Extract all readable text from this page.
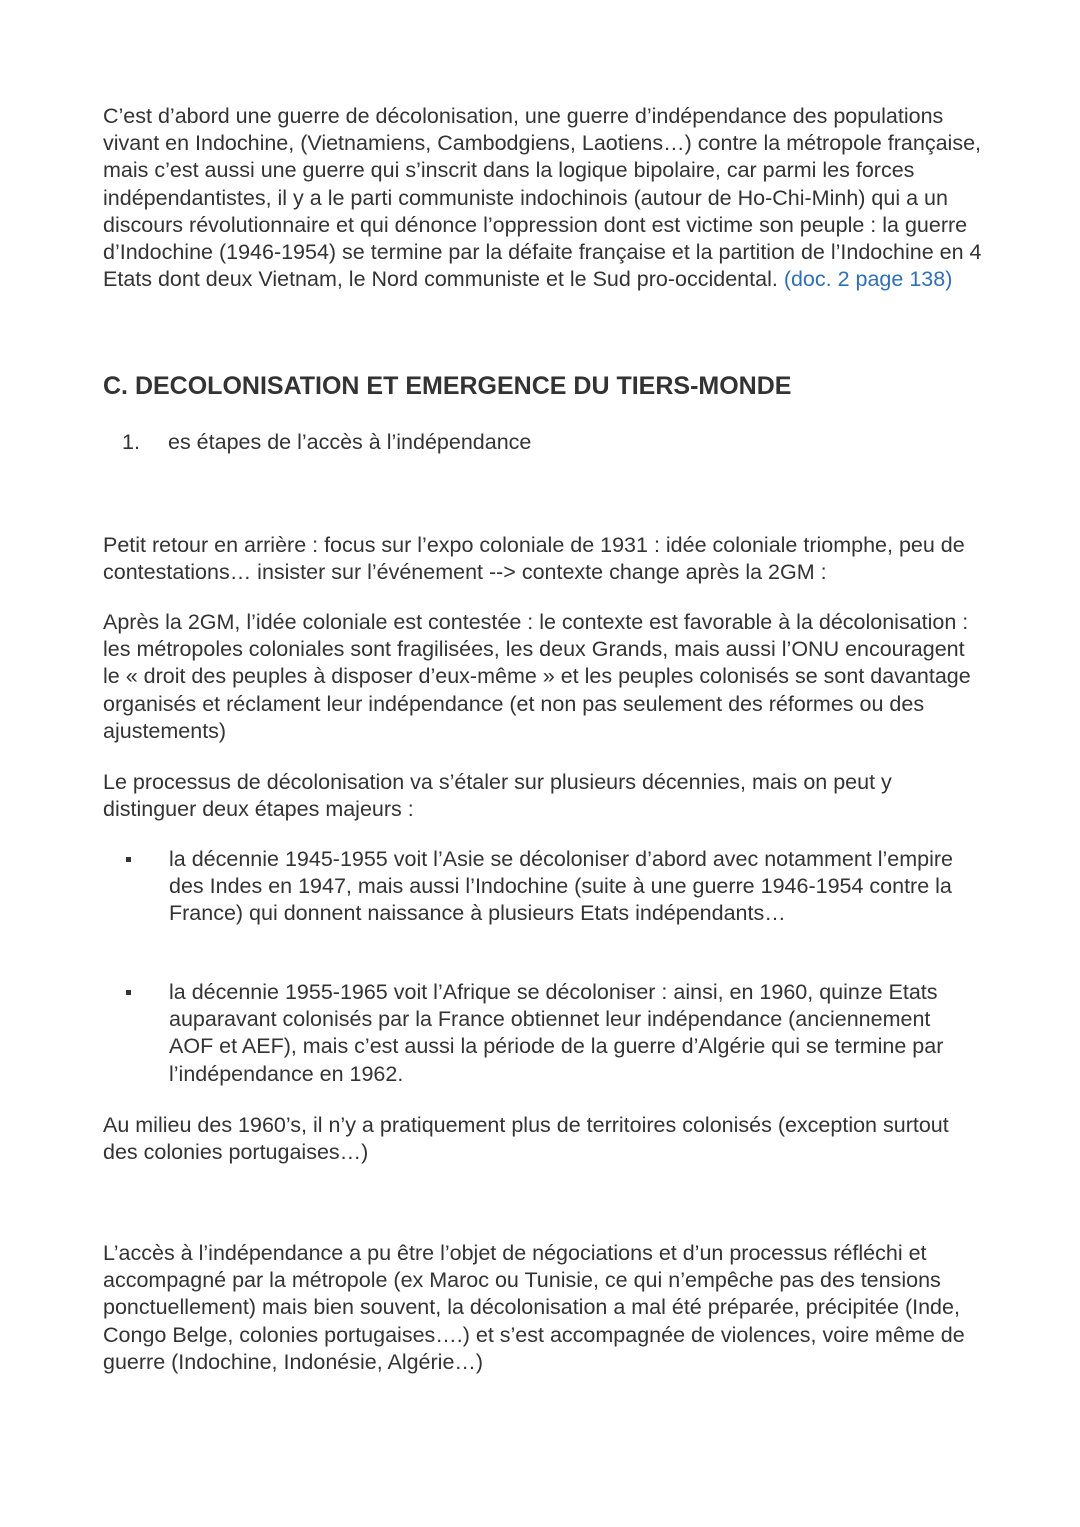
C’est d’abord une guerre de décolonisation, une guerre d’indépendance des populations vivant en Indochine, (Vietnamiens, Cambodgiens, Laotiens…) contre la métropole française, mais c’est aussi une guerre qui s’inscrit dans la logique bipolaire, car parmi les forces indépendantistes, il y a le parti communiste indochinois (autour de Ho-Chi-Minh) qui a un discours révolutionnaire et qui dénonce l’oppression dont est victime son peuple : la guerre d’Indochine (1946-1954) se termine par la défaite française et la partition de l’Indochine en 4 Etats dont deux Vietnam, le Nord communiste et le Sud pro-occidental. (doc. 2 page 138)

C. DECOLONISATION ET EMERGENCE DU TIERS-MONDE
1. es étapes de l’accès à l’indépendance

Petit retour en arrière : focus sur l’expo coloniale de 1931 : idée coloniale triomphe, peu de contestations… insister sur l’événement --> contexte change après la 2GM :

Après la 2GM, l’idée coloniale est contestée : le contexte est favorable à la décolonisation : les métropoles coloniales sont fragilisées, les deux Grands, mais aussi l’ONU encouragent le « droit des peuples à disposer d’eux-même » et les peuples colonisés se sont davantage organisés et réclament leur indépendance (et non pas seulement des réformes ou des ajustements)

Le processus de décolonisation va s’étaler sur plusieurs décennies, mais on peut y distinguer deux étapes majeurs :

la décennie 1945-1955 voit l’Asie se décoloniser d’abord avec notamment l’empire des Indes en 1947, mais aussi l’Indochine (suite à une guerre 1946-1954 contre la France) qui donnent naissance à plusieurs Etats indépendants…

la décennie 1955-1965 voit l’Afrique se décoloniser : ainsi, en 1960, quinze Etats auparavant colonisés par la France obtiennet leur indépendance (anciennement AOF et AEF), mais c’est aussi la période de la guerre d’Algérie qui se termine par l’indépendance en 1962.

Au milieu des 1960’s, il n’y a pratiquement plus de territoires colonisés (exception surtout des colonies portugaises…)

L’accès à l’indépendance a pu être l’objet de négociations et d’un processus réfléchi et accompagné par la métropole (ex Maroc ou Tunisie, ce qui n’empêche pas des tensions ponctuellement) mais bien souvent, la décolonisation a mal été préparée, précipitée (Inde, Congo Belge, colonies portugaises….) et s’est accompagnée de violences, voire même de guerre (Indochine, Indonésie, Algérie…)
